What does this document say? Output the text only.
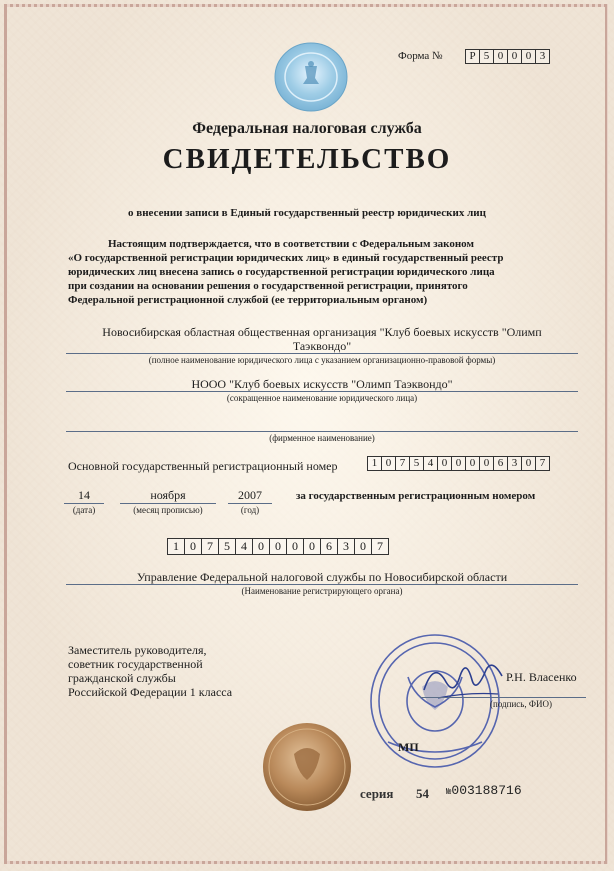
Форма №	Р 5 0 0 0 3
Федеральная налоговая служба
СВИДЕТЕЛЬСТВО
о внесении записи в Единый государственный реестр юридических лиц
Настоящим подтверждается, что в соответствии с Федеральным законом
«О государственной регистрации юридических лиц» в единый государственный реестр
юридических лиц внесена запись о государственной регистрации юридического лица
при создании на основании решения о государственной регистрации, принятого
Федеральной регистрационной службой (ее территориальным органом)
Новосибирская областная общественная организация "Клуб боевых искусств "Олимп
Таэквондо"
(полное наименование юридического лица с указанием организационно-правовой формы)
НООО "Клуб боевых искусств "Олимп Таэквондо"
(сокращенное наименование юридического лица)
(фирменное наименование)
Основной государственный регистрационный номер	1 0 7 5 4 0 0 0 0 6 3 0 7
14
(дата)
ноября
(месяц прописью)
2007
(год)
за государственным регистрационным номером
1 0 7 5 4 0 0 0 0 6 3 0 7
Управление Федеральной налоговой службы по Новосибирской области
(Наименование регистрирующего органа)
Заместитель руководителя,
советник государственной
гражданской службы
Российской Федерации 1 класса
Р.Н. Власенко
(подпись, ФИО)
МП
серия 54 №003188716
